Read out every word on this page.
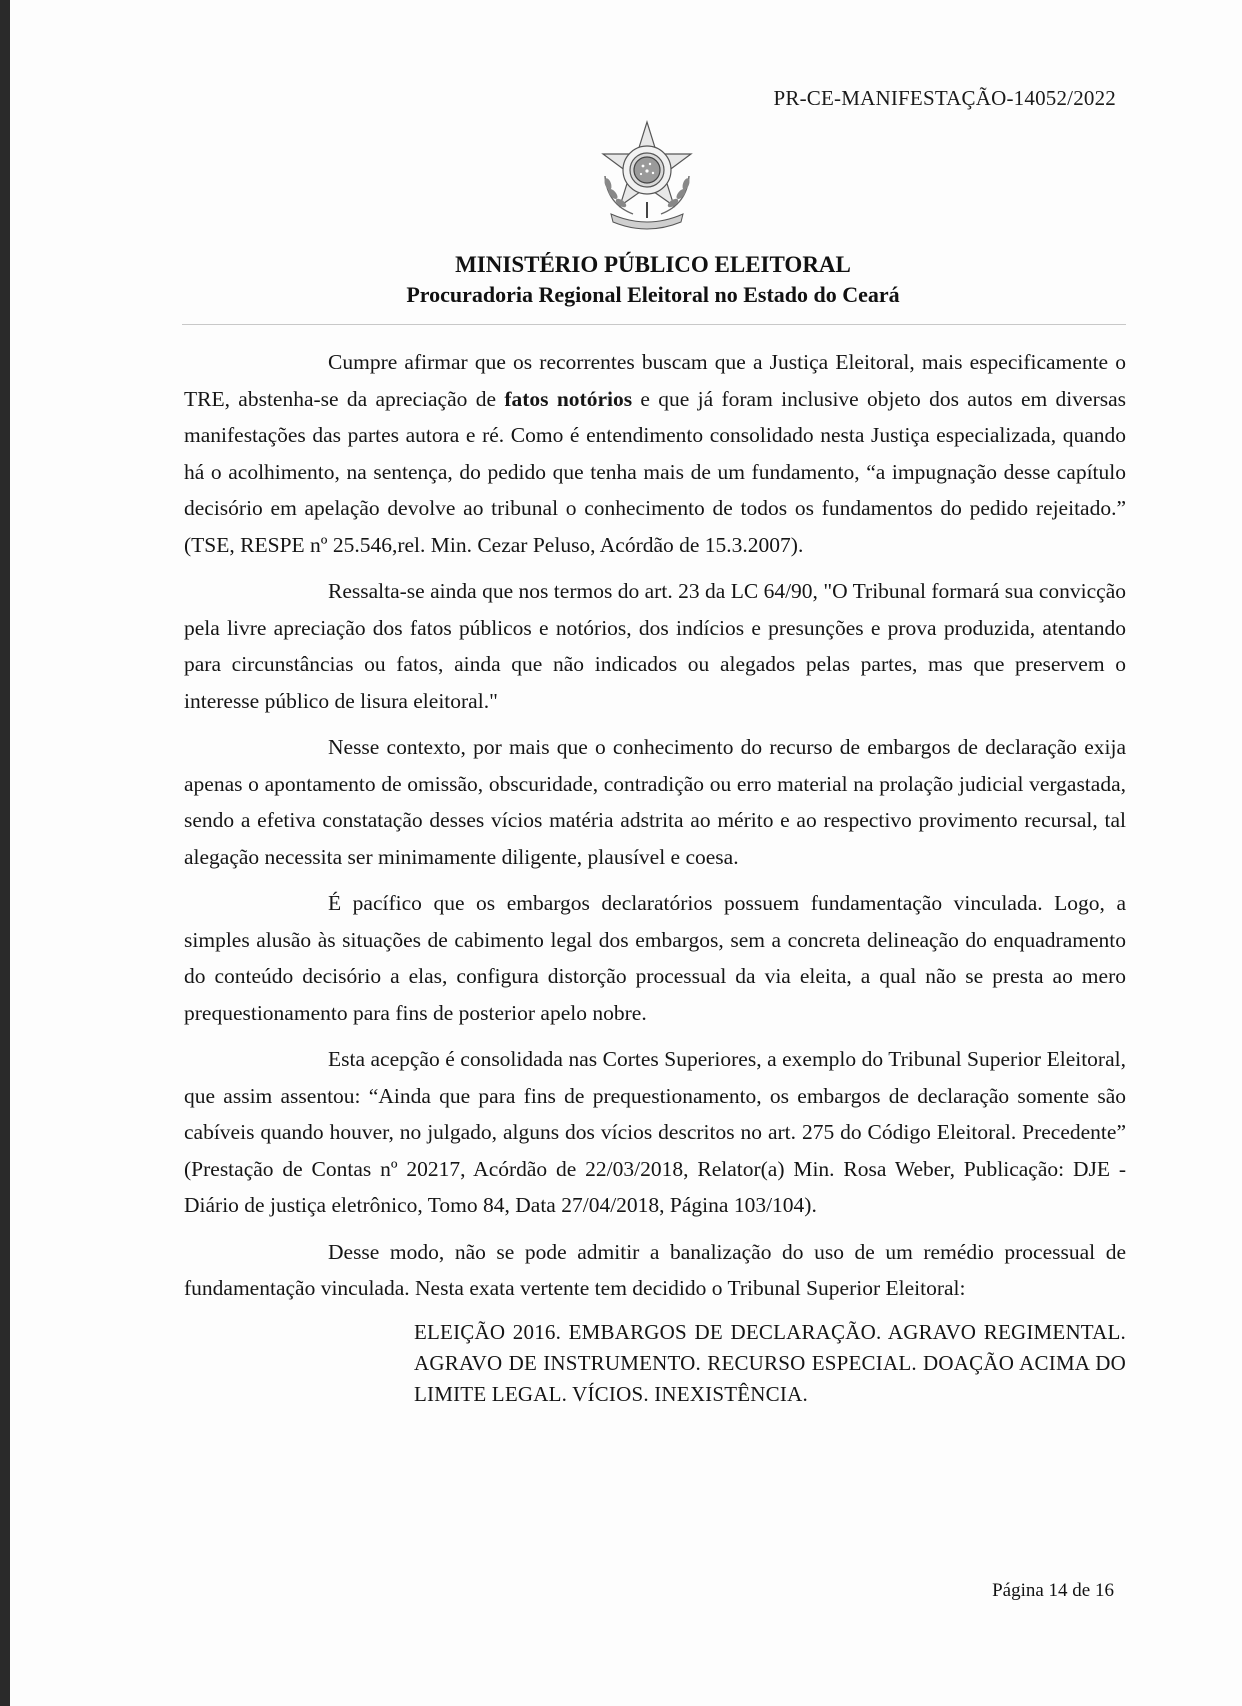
PR-CE-MANIFESTAÇÃO-14052/2022
MINISTÉRIO PÚBLICO ELEITORAL
Procuradoria Regional Eleitoral no Estado do Ceará

Cumpre afirmar que os recorrentes buscam que a Justiça Eleitoral, mais especificamente o TRE, abstenha-se da apreciação de fatos notórios e que já foram inclusive objeto dos autos em diversas manifestações das partes autora e ré. Como é entendimento consolidado nesta Justiça especializada, quando há o acolhimento, na sentença, do pedido que tenha mais de um fundamento, “a impugnação desse capítulo decisório em apelação devolve ao tribunal o conhecimento de todos os fundamentos do pedido rejeitado.” (TSE, RESPE nº 25.546,rel. Min. Cezar Peluso, Acórdão de 15.3.2007).

Ressalta-se ainda que nos termos do art. 23 da LC 64/90, "O Tribunal formará sua convicção pela livre apreciação dos fatos públicos e notórios, dos indícios e presunções e prova produzida, atentando para circunstâncias ou fatos, ainda que não indicados ou alegados pelas partes, mas que preservem o interesse público de lisura eleitoral."

Nesse contexto, por mais que o conhecimento do recurso de embargos de declaração exija apenas o apontamento de omissão, obscuridade, contradição ou erro material na prolação judicial vergastada, sendo a efetiva constatação desses vícios matéria adstrita ao mérito e ao respectivo provimento recursal, tal alegação necessita ser minimamente diligente, plausível e coesa.

É pacífico que os embargos declaratórios possuem fundamentação vinculada. Logo, a simples alusão às situações de cabimento legal dos embargos, sem a concreta delineação do enquadramento do conteúdo decisório a elas, configura distorção processual da via eleita, a qual não se presta ao mero prequestionamento para fins de posterior apelo nobre.

Esta acepção é consolidada nas Cortes Superiores, a exemplo do Tribunal Superior Eleitoral, que assim assentou: “Ainda que para fins de prequestionamento, os embargos de declaração somente são cabíveis quando houver, no julgado, alguns dos vícios descritos no art. 275 do Código Eleitoral. Precedente” (Prestação de Contas nº 20217, Acórdão de 22/03/2018, Relator(a) Min. Rosa Weber, Publicação: DJE - Diário de justiça eletrônico, Tomo 84, Data 27/04/2018, Página 103/104).

Desse modo, não se pode admitir a banalização do uso de um remédio processual de fundamentação vinculada. Nesta exata vertente tem decidido o Tribunal Superior Eleitoral:

ELEIÇÃO 2016. EMBARGOS DE DECLARAÇÃO. AGRAVO REGIMENTAL. AGRAVO DE INSTRUMENTO. RECURSO ESPECIAL. DOAÇÃO ACIMA DO LIMITE LEGAL. VÍCIOS. INEXISTÊNCIA.
Página 14 de 16
